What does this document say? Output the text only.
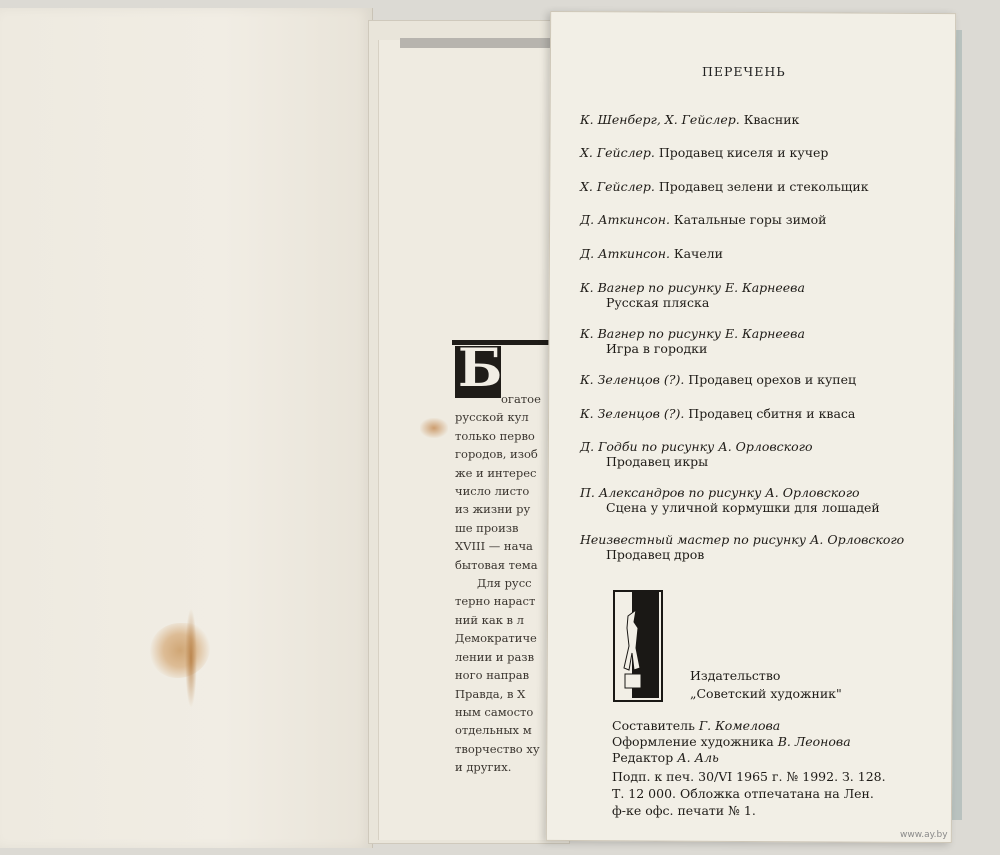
Б
огатое
русской кул
только перво
городов, изоб
же и интерес
число листо
из жизни ру
ше произв
XVIII — нача
бытовая тема
Для русс
терно нараст
ний как в л
Демократиче
лении и разв
ного направ
Правда, в Х
ным самосто
отдельных м
творчество ху
и других.
ПЕРЕЧЕНЬ
К. Шенберг, Х. Гейслер. Квасник
Х. Гейслер. Продавец киселя и кучер
Х. Гейслер. Продавец зелени и стекольщик
Д. Аткинсон. Катальные горы зимой
Д. Аткинсон. Качели
К. Вагнер по рисунку Е. Карнеева
Русская пляска
К. Вагнер по рисунку Е. Карнеева
Игра в городки
К. Зеленцов (?). Продавец орехов и купец
К. Зеленцов (?). Продавец сбитня и кваса
Д. Годби по рисунку А. Орловского
Продавец икры
П. Александров по рисунку А. Орловского
Сцена у уличной кормушки для лошадей
Неизвестный мастер по рисунку А. Орловского
Продавец дров
Издательство
„Советский художник"
Составитель Г. Комелова
Оформление художника В. Леонова
Редактор А. Аль
Подп. к печ. 30/VI 1965 г. № 1992. З. 128.
Т. 12 000. Обложка отпечатана на Лен.
ф-ке офс. печати № 1.
www.ay.by
